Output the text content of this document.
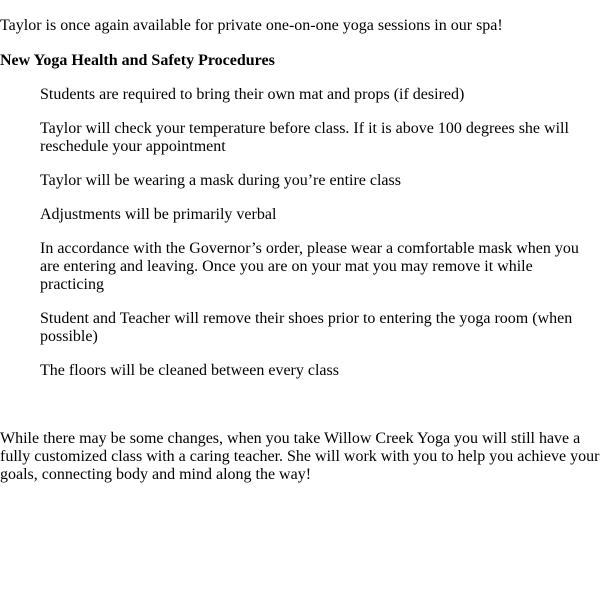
Taylor is once again available for private one-on-one yoga sessions in our spa!

New Yoga Health and Safety Procedures

Students are required to bring their own mat and props (if desired)
Taylor will check your temperature before class. If it is above 100 degrees she will reschedule your appointment
Taylor will be wearing a mask during you’re entire class
Adjustments will be primarily verbal
In accordance with the Governor’s order, please wear a comfortable mask when you are entering and leaving. Once you are on your mat you may remove it while practicing
Student and Teacher will remove their shoes prior to entering the yoga room (when possible)
The floors will be cleaned between every class

While there may be some changes, when you take Willow Creek Yoga you will still have a fully customized class with a caring teacher. She will work with you to help you achieve your goals, connecting body and mind along the way!
